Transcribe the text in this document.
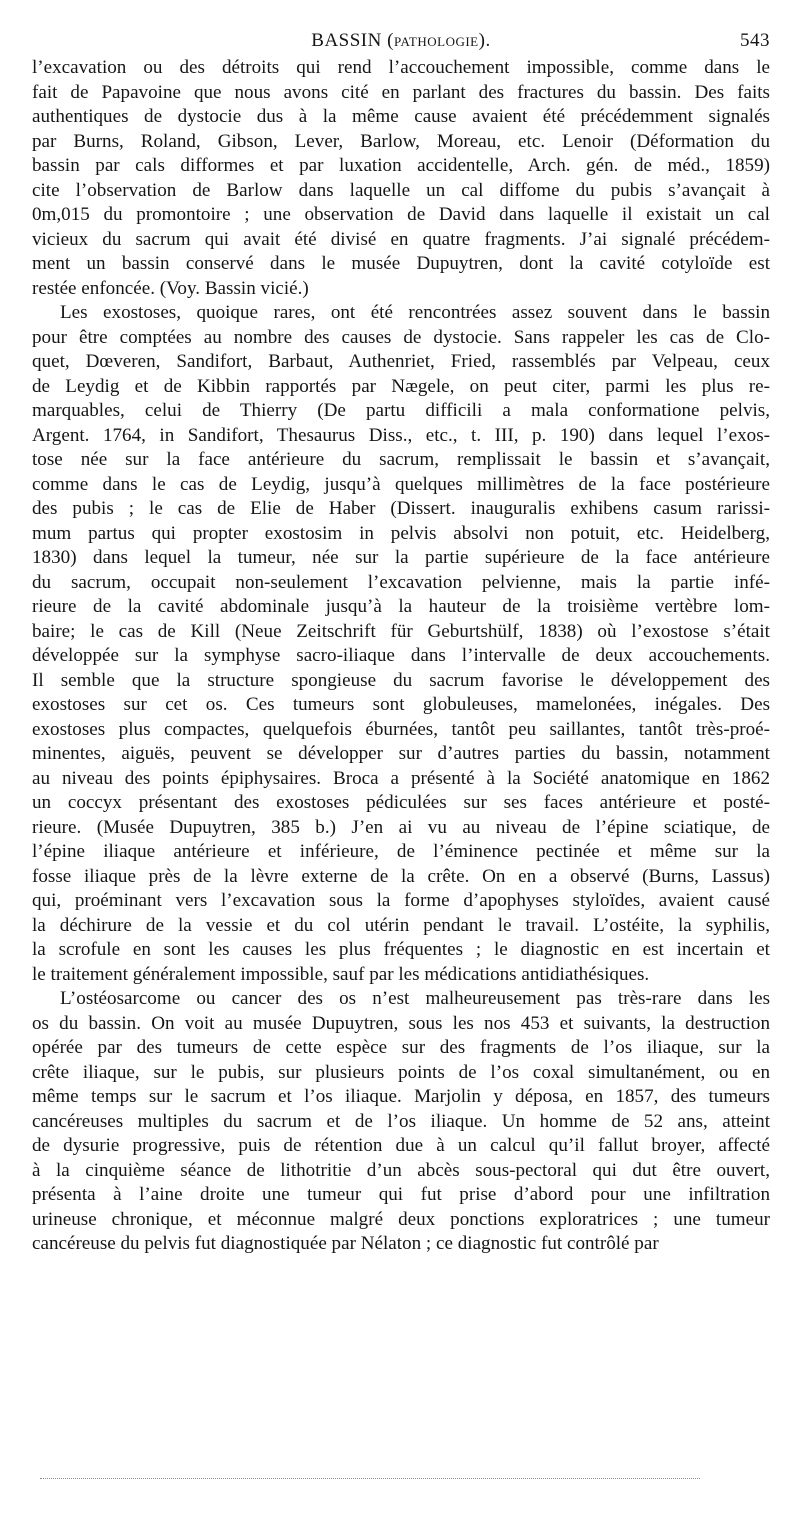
BASSIN (pathologie).	543

l’excavation ou des détroits qui rend l’accouchement impossible, comme dans le
fait de Papavoine que nous avons cité en parlant des fractures du bassin. Des faits
authentiques de dystocie dus à la même cause avaient été précédemment signalés
par Burns, Roland, Gibson, Lever, Barlow, Moreau, etc. Lenoir (Déformation du
bassin par cals difformes et par luxation accidentelle, Arch. gén. de méd., 1859)
cite l’observation de Barlow dans laquelle un cal diffome du pubis s’avançait à
0m,015 du promontoire ; une observation de David dans laquelle il existait un cal
vicieux du sacrum qui avait été divisé en quatre fragments. J’ai signalé précédem-
ment un bassin conservé dans le musée Dupuytren, dont la cavité cotyloïde est
restée enfoncée. (Voy. Bassin vicié.)

Les exostoses, quoique rares, ont été rencontrées assez souvent dans le bassin
pour être comptées au nombre des causes de dystocie. Sans rappeler les cas de Clo-
quet, Dœveren, Sandifort, Barbaut, Authenriet, Fried, rassemblés par Velpeau, ceux
de Leydig et de Kibbin rapportés par Nægele, on peut citer, parmi les plus re-
marquables, celui de Thierry (De partu difficili a mala conformatione pelvis,
Argent. 1764, in Sandifort, Thesaurus Diss., etc., t. III, p. 190) dans lequel l’exos-
tose née sur la face antérieure du sacrum, remplissait le bassin et s’avançait,
comme dans le cas de Leydig, jusqu’à quelques millimètres de la face postérieure
des pubis ; le cas de Elie de Haber (Dissert. inauguralis exhibens casum rarissi-
mum partus qui propter exostosim in pelvis absolvi non potuit, etc. Heidelberg,
1830) dans lequel la tumeur, née sur la partie supérieure de la face antérieure
du sacrum, occupait non-seulement l’excavation pelvienne, mais la partie infé-
rieure de la cavité abdominale jusqu’à la hauteur de la troisième vertèbre lom-
baire; le cas de Kill (Neue Zeitschrift für Geburtshülf, 1838) où l’exostose s’était
développée sur la symphyse sacro-iliaque dans l’intervalle de deux accouchements.
Il semble que la structure spongieuse du sacrum favorise le développement des
exostoses sur cet os. Ces tumeurs sont globuleuses, mamelonées, inégales. Des
exostoses plus compactes, quelquefois éburnées, tantôt peu saillantes, tantôt très-proé-
minentes, aiguës, peuvent se développer sur d’autres parties du bassin, notamment
au niveau des points épiphysaires. Broca a présenté à la Société anatomique en 1862
un coccyx présentant des exostoses pédiculées sur ses faces antérieure et posté-
rieure. (Musée Dupuytren, 385 b.) J’en ai vu au niveau de l’épine sciatique, de
l’épine iliaque antérieure et inférieure, de l’éminence pectinée et même sur la
fosse iliaque près de la lèvre externe de la crête. On en a observé (Burns, Lassus)
qui, proéminant vers l’excavation sous la forme d’apophyses styloïdes, avaient causé
la déchirure de la vessie et du col utérin pendant le travail. L’ostéite, la syphilis,
la scrofule en sont les causes les plus fréquentes ; le diagnostic en est incertain et
le traitement généralement impossible, sauf par les médications antidiathésiques.

L’ostéosarcome ou cancer des os n’est malheureusement pas très-rare dans les
os du bassin. On voit au musée Dupuytren, sous les nos 453 et suivants, la destruction
opérée par des tumeurs de cette espèce sur des fragments de l’os iliaque, sur la
crête iliaque, sur le pubis, sur plusieurs points de l’os coxal simultanément, ou en
même temps sur le sacrum et l’os iliaque. Marjolin y déposa, en 1857, des tumeurs
cancéreuses multiples du sacrum et de l’os iliaque. Un homme de 52 ans, atteint
de dysurie progressive, puis de rétention due à un calcul qu’il fallut broyer, affecté
à la cinquième séance de lithotritie d’un abcès sous-pectoral qui dut être ouvert,
présenta à l’aine droite une tumeur qui fut prise d’abord pour une infiltration
urineuse chronique, et méconnue malgré deux ponctions exploratrices ; une tumeur
cancéreuse du pelvis fut diagnostiquée par Nélaton ; ce diagnostic fut contrôlé par
